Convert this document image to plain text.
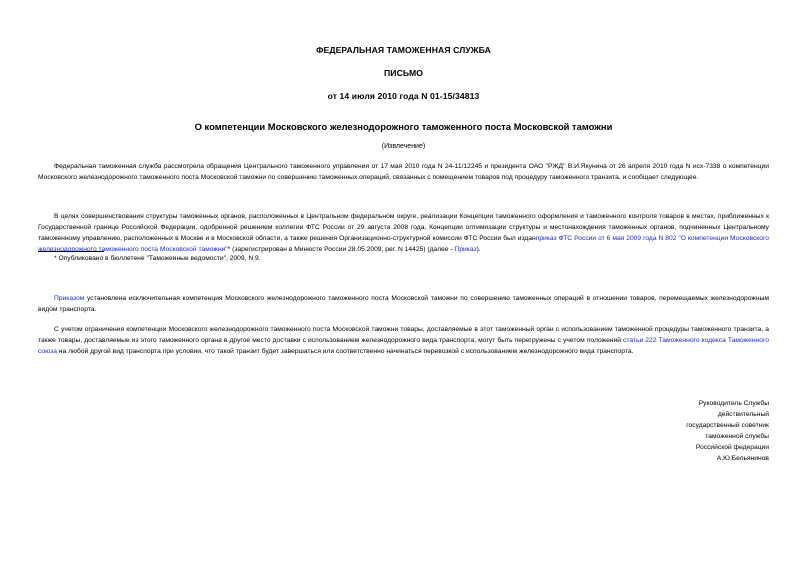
ФЕДЕРАЛЬНАЯ ТАМОЖЕННАЯ СЛУЖБА
ПИСЬМО
от 14 июля 2010 года N 01-15/34813
О компетенции Московского железнодорожного таможенного поста Московской таможни
(Извлечение)
Федеральная таможенная служба рассмотрела обращения Центрального таможенного управления от 17 мая 2010 года N 24-11/12245 и президента ОАО "РЖД" В.И.Якунина от 26 апреля 2010 года N исх-7338 о компетенции Московского железнодорожного таможенного поста Московской таможни по совершению таможенных операций, связанных с помещением товаров под процедуру таможенного транзита, и сообщает следующее.
В целях совершенствования структуры таможенных органов, расположенных в Центральном федеральном округе, реализации Концепции таможенного оформления и таможенного контроля товаров в местах, приближенных к Государственной границе Российской Федерации, одобренной решением коллегии ФТС России от 29 августа 2008 года, Концепции оптимизации структуры и местонахождения таможенных органов, подчиненных Центральному таможенному управлению, расположенных в Москве и в Московской области, а также решения Организационно-структурной комиссии ФТС России был изданприказ ФТС России от 6 мая 2009 года N 802 "О компетенции Московского железнодорожного таможенного поста Московской таможни"* (зарегистрирован в Минюсте России 28.05.2009, рег. N 14425) (далее - Приказ).
* Опубликовано в бюллетене "Таможенные ведомости", 2009, N 9.
Приказом установлена исключительная компетенция Московского железнодорожного таможенного поста Московской таможни по совершению таможенных операций в отношении товаров, перемещаемых железнодорожным видом транспорта.
С учетом ограничения компетенции Московского железнодорожного таможенного поста Московской таможни товары, доставляемые в этот таможенный орган с использованием таможенной процедуры таможенного транзита, а также товары, доставляемые из этого таможенного органа в другое место доставки с использованием железнодорожного вида транспорта, могут быть перегружены с учетом положений статьи 222 Таможенного кодекса Таможенного союза на любой другой вид транспорта при условии, что такой транзит будет завершаться или соответственно начинаться перевозкой с использованием железнодорожного вида транспорта.
Руководитель Службы
действительный
государственный советник
таможенной службы
Российской федерации
А.Ю.Бельянинов
